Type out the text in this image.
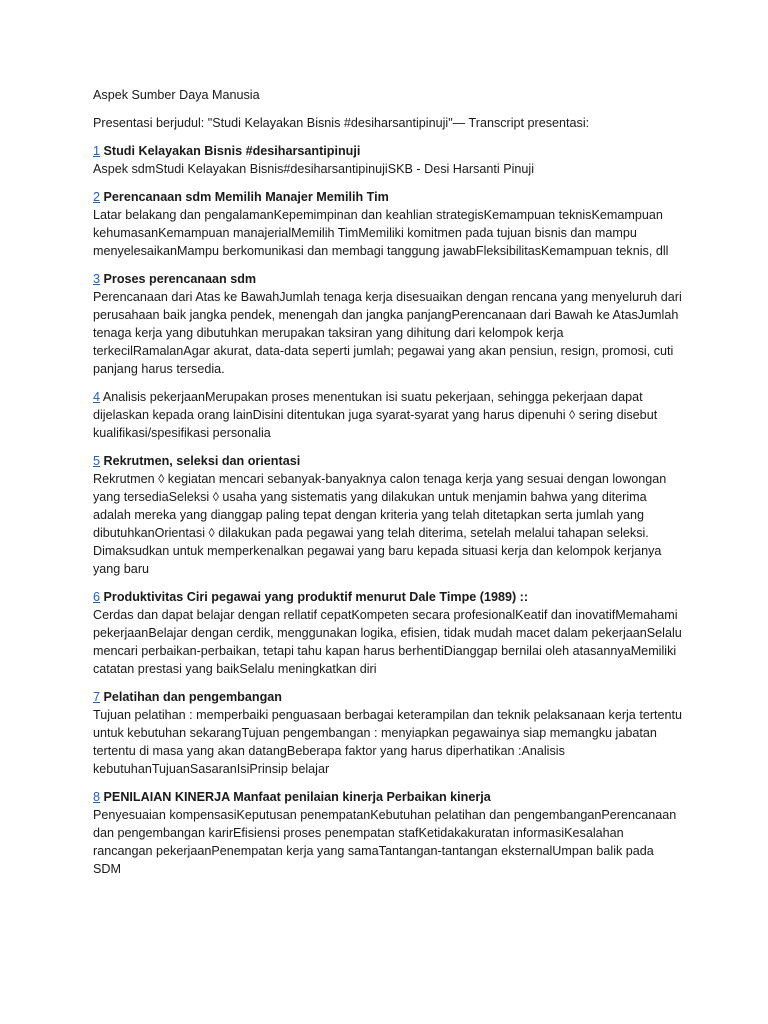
Aspek Sumber Daya Manusia

Presentasi berjudul: "Studi Kelayakan Bisnis #desiharsantipinuji"— Transcript presentasi:

1 Studi Kelayakan Bisnis #desiharsantipinuji

Aspek sdmStudi Kelayakan Bisnis#desiharsantipinujiSKB - Desi Harsanti Pinuji

2 Perencanaan sdm Memilih Manajer Memilih Tim

Latar belakang dan pengalamanKepemimpinan dan keahlian strategisKemampuan teknisKemampuan kehumasanKemampuan manajerialMemilih TimMemiliki komitmen pada tujuan bisnis dan mampu menyelesaikanMampu berkomunikasi dan membagi tanggung jawabFleksibilitasKemampuan teknis, dll

3 Proses perencanaan sdm

Perencanaan dari Atas ke BawahJumlah tenaga kerja disesuaikan dengan rencana yang menyeluruh dari perusahaan baik jangka pendek, menengah dan jangka panjangPerencanaan dari Bawah ke AtasJumlah tenaga kerja yang dibutuhkan merupakan taksiran yang dihitung dari kelompok kerja terkecilRamalanAgar akurat, data-data seperti jumlah; pegawai yang akan pensiun, resign, promosi, cuti panjang harus tersedia.

4 Analisis pekerjaanMerupakan proses menentukan isi suatu pekerjaan, sehingga pekerjaan dapat dijelaskan kepada orang lainDisini ditentukan juga syarat-syarat yang harus dipenuhi ◊ sering disebut kualifikasi/spesifikasi personalia
5 Rekrutmen, seleksi dan orientasi

Rekrutmen ◊ kegiatan mencari sebanyak-banyaknya calon tenaga kerja yang sesuai dengan lowongan yang tersediaSeleksi ◊ usaha yang sistematis yang dilakukan untuk menjamin bahwa yang diterima adalah mereka yang dianggap paling tepat dengan kriteria yang telah ditetapkan serta jumlah yang dibutuhkanOrientasi ◊ dilakukan pada pegawai yang telah diterima, setelah melalui tahapan seleksi. Dimaksudkan untuk memperkenalkan pegawai yang baru kepada situasi kerja dan kelompok kerjanya yang baru

6 Produktivitas Ciri pegawai yang produktif menurut Dale Timpe (1989) ::

Cerdas dan dapat belajar dengan rellatif cepatKompeten secara profesionalKeatif dan inovatifMemahami pekerjaanBelajar dengan cerdik, menggunakan logika, efisien, tidak mudah macet dalam pekerjaanSelalu mencari perbaikan-perbaikan, tetapi tahu kapan harus berhentiDianggap bernilai oleh atasannyaMemiliki catatan prestasi yang baikSelalu meningkatkan diri

7 Pelatihan dan pengembangan

Tujuan pelatihan : memperbaiki penguasaan berbagai keterampilan dan teknik pelaksanaan kerja tertentu untuk kebutuhan sekarangTujuan pengembangan : menyiapkan pegawainya siap memangku jabatan tertentu di masa yang akan datangBeberapa faktor yang harus diperhatikan :Analisis kebutuhanTujuanSasaranIsiPrinsip belajar

8 PENILAIAN KINERJA Manfaat penilaian kinerja Perbaikan kinerja

Penyesuaian kompensasiKeputusan penempatanKebutuhan pelatihan dan pengembanganPerencanaan dan pengembangan karirEfisiensi proses penempatan stafKetidakakuratan informasiKesalahan rancangan pekerjaanPenempatan kerja yang samaTantangan-tantangan eksternalUmpan balik pada SDM
